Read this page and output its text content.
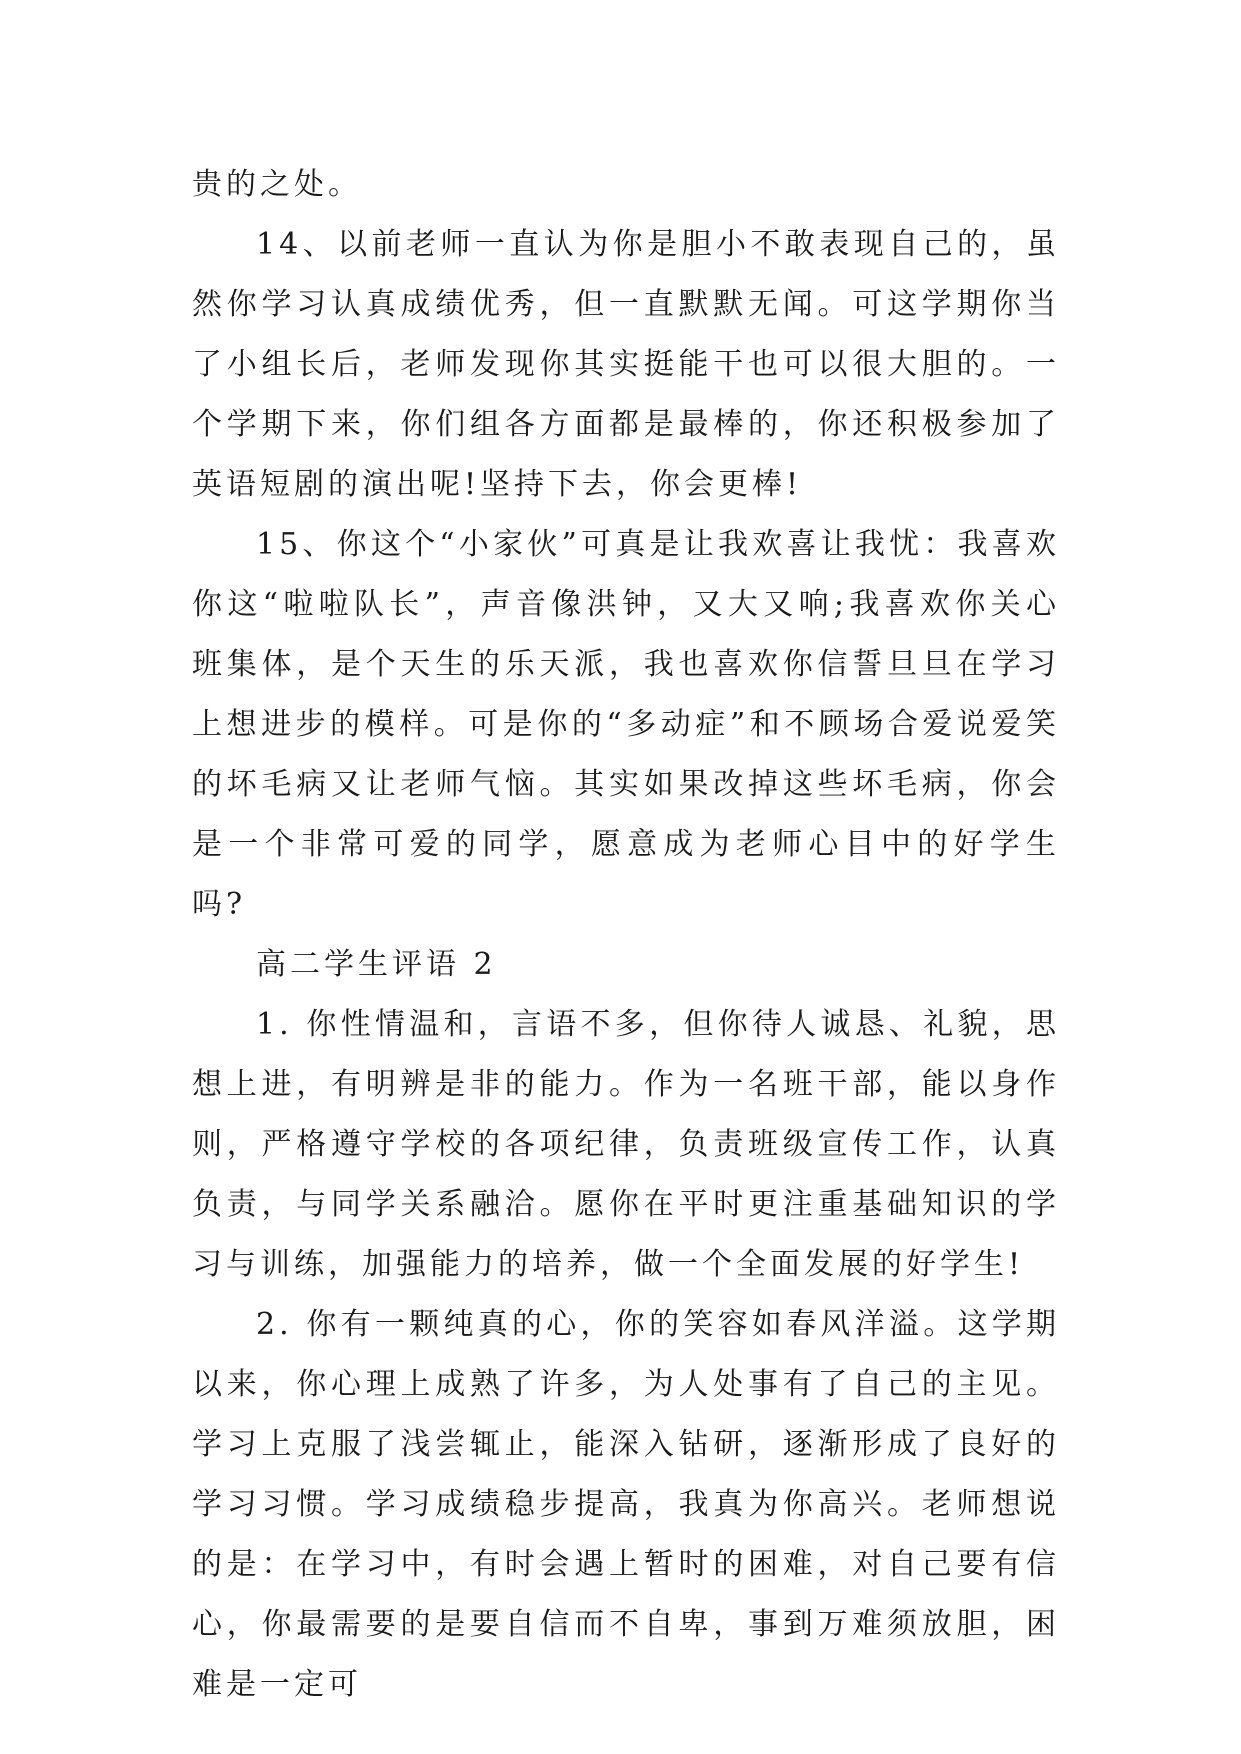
贵的之处。

14、以前老师一直认为你是胆小不敢表现自己的，虽然你学习认真成绩优秀，但一直默默无闻。可这学期你当了小组长后，老师发现你其实挺能干也可以很大胆的。一个学期下来，你们组各方面都是最棒的，你还积极参加了英语短剧的演出呢!坚持下去，你会更棒!

15、你这个“小家伙”可真是让我欢喜让我忧：我喜欢你这“啦啦队长”，声音像洪钟，又大又响;我喜欢你关心班集体，是个天生的乐天派，我也喜欢你信誓旦旦在学习上想进步的模样。可是你的“多动症”和不顾场合爱说爱笑的坏毛病又让老师气恼。其实如果改掉这些坏毛病，你会是一个非常可爱的同学，愿意成为老师心目中的好学生吗?

高二学生评语 2

1. 你性情温和，言语不多，但你待人诚恳、礼貌，思想上进，有明辨是非的能力。作为一名班干部，能以身作则，严格遵守学校的各项纪律，负责班级宣传工作，认真负责，与同学关系融洽。愿你在平时更注重基础知识的学习与训练，加强能力的培养，做一个全面发展的好学生!

2. 你有一颗纯真的心，你的笑容如春风洋溢。这学期以来，你心理上成熟了许多，为人处事有了自己的主见。学习上克服了浅尝辄止，能深入钻研，逐渐形成了良好的学习习惯。学习成绩稳步提高，我真为你高兴。老师想说的是：在学习中，有时会遇上暂时的困难，对自己要有信心，你最需要的是要自信而不自卑，事到万难须放胆，困难是一定可
